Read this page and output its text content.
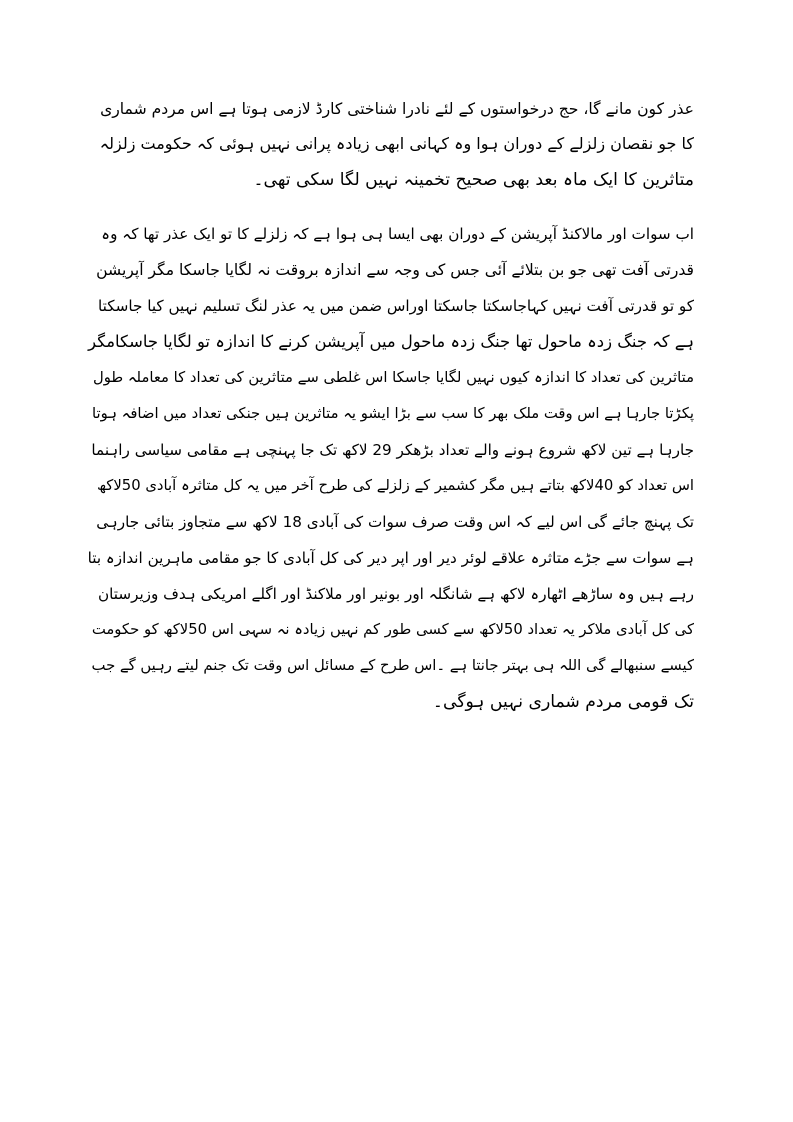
عذر کون مانے گا، حج درخواستوں کے لئے نادرا شناختی کارڈ لازمی ہوتا ہے اس مردم شماری
کا جو نقصان زلزلے کے دوران ہوا وہ کہانی ابھی زیادہ پرانی نہیں ہوئی کہ حکومت زلزلہ
متاثرین کا ایک ماہ بعد بھی صحیح تخمینہ نہیں لگا سکی تھی۔
اب سوات اور مالاکنڈ آپریشن کے دوران بھی ایسا ہی ہوا ہے کہ زلزلے کا تو ایک عذر تھا کہ وہ
قدرتی آفت تھی جو بن بتلائے آئی جس کی وجہ سے اندازہ بروقت نہ لگایا جاسکا مگر آپریشن
کو تو قدرتی آفت نہیں کہاجاسکتا جاسکتا اوراس ضمن میں یہ عذر لنگ تسلیم نہیں کیا جاسکتا
ہے کہ جنگ زدہ ماحول تھا جنگ زدہ ماحول میں آپریشن کرنے کا اندازہ تو لگایا جاسکامگر
متاثرین کی تعداد کا اندازہ کیوں نہیں لگایا جاسکا اس غلطی سے متاثرین کی تعداد کا معاملہ طول
پکڑتا جارہا ہے اس وقت ملک بھر کا سب سے بڑا ایشو یہ متاثرین ہیں جنکی تعداد میں اضافہ ہوتا
جارہا ہے تین لاکھ شروع ہونے والے تعداد بڑھکر 29 لاکھ تک جا پہنچی ہے مقامی سیاسی راہنما
اس تعداد کو 40لاکھ بتاتے ہیں مگر کشمیر کے زلزلے کی طرح آخر میں یہ کل متاثرہ آبادی 50لاکھ
تک پہنچ جائے گی اس لیے کہ اس وقت صرف سوات کی آبادی 18 لاکھ سے متجاوز بتائی جارہی
ہے سوات سے جڑے متاثرہ علاقے لوئر دیر اور اپر دیر کی کل آبادی کا جو مقامی ماہرین اندازہ بتا
رہے ہیں وہ ساڑھے اٹھارہ لاکھ ہے شانگلہ اور بونیر اور ملاکنڈ اور اگلے امریکی ہدف وزیرستان
کی کل آبادی ملاکر یہ تعداد 50لاکھ سے کسی طور کم نہیں زیادہ نہ سہی اس 50لاکھ کو حکومت
کیسے سنبھالے گی اللہ ہی بہتر جانتا ہے ۔اس طرح کے مسائل اس وقت تک جنم لیتے رہیں گے جب
تک قومی مردم شماری نہیں ہوگی۔
